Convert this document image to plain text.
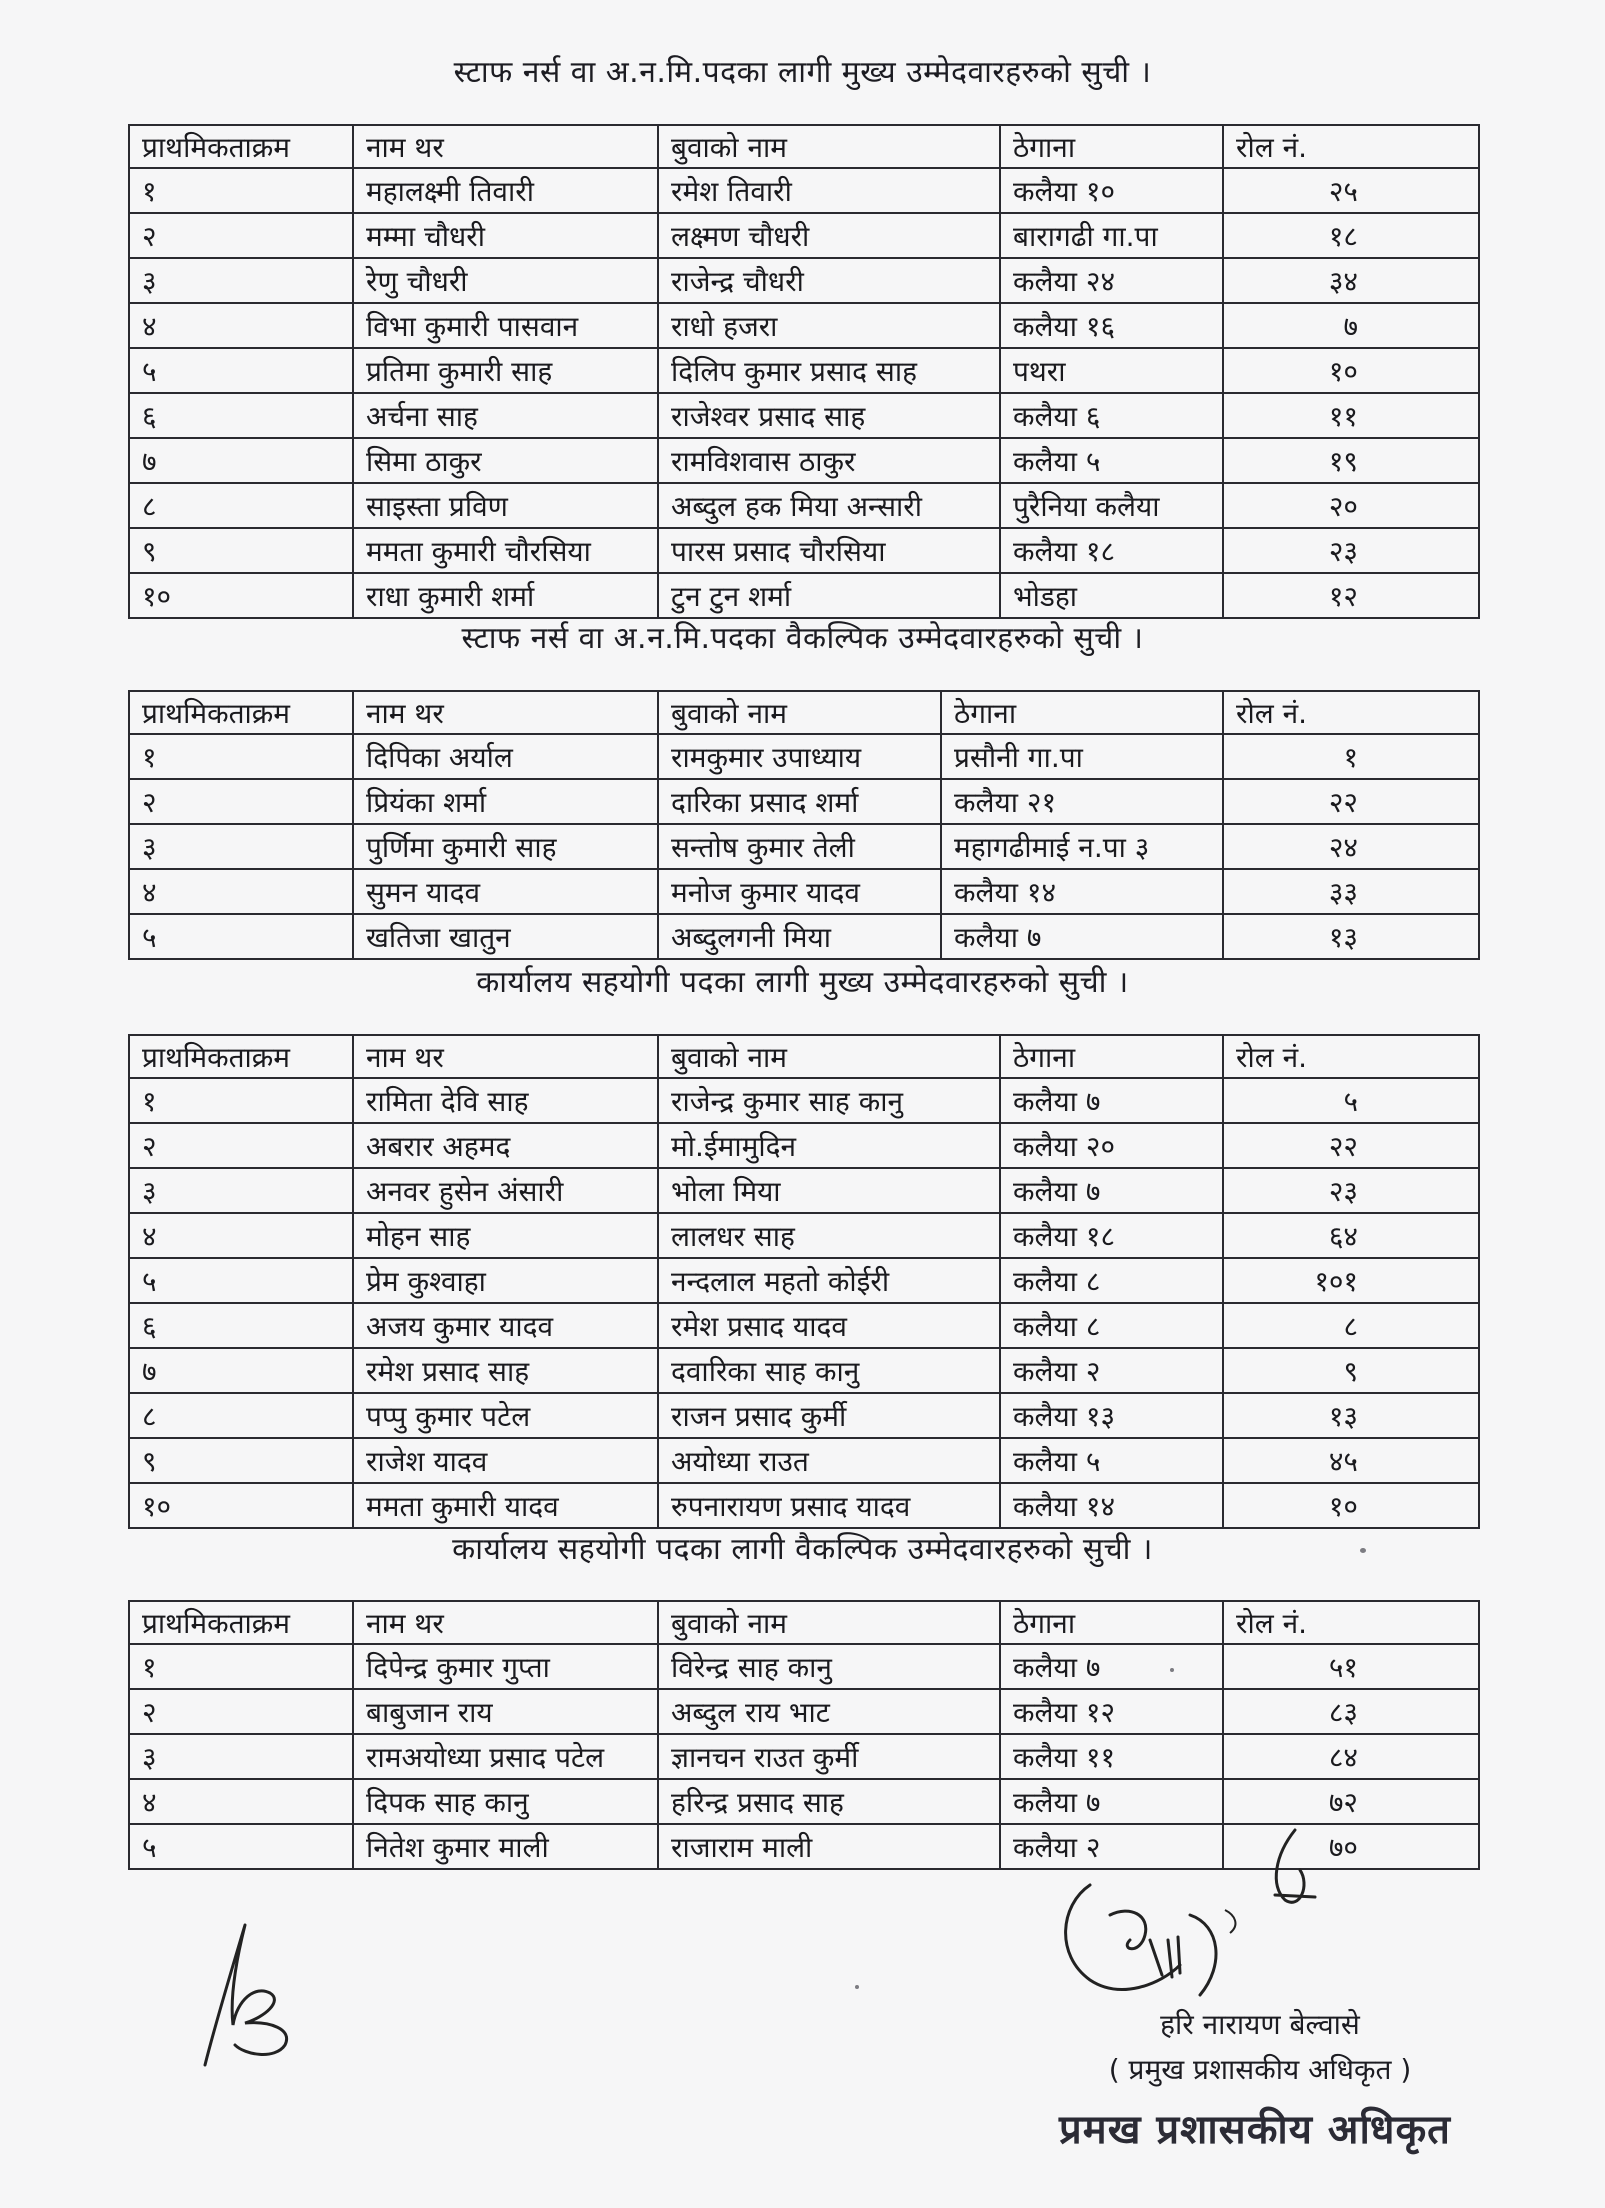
स्टाफ नर्स वा अ.न.मि.पदका लागी मुख्य उम्मेदवारहरुको सुची ।
प्राथमिकताक्रम	नाम थर	बुवाको नाम	ठेगाना	रोल नं.
१	महालक्ष्मी तिवारी	रमेश तिवारी	कलैया १०	२५
२	मम्मा चौधरी	लक्ष्मण चौधरी	बारागढी गा.पा	१८
३	रेणु चौधरी	राजेन्द्र चौधरी	कलैया २४	३४
४	विभा कुमारी पासवान	राधो हजरा	कलैया १६	७
५	प्रतिमा कुमारी साह	दिलिप कुमार प्रसाद साह	पथरा	१०
६	अर्चना साह	राजेश्वर प्रसाद साह	कलैया ६	११
७	सिमा ठाकुर	रामविशवास ठाकुर	कलैया ५	१९
८	साइस्ता प्रविण	अब्दुल हक मिया अन्सारी	पुरैनिया कलैया	२०
९	ममता कुमारी चौरसिया	पारस प्रसाद चौरसिया	कलैया १८	२३
१०	राधा कुमारी शर्मा	टुन टुन शर्मा	भोडहा	१२
स्टाफ नर्स वा अ.न.मि.पदका वैकल्पिक उम्मेदवारहरुको सुची ।
प्राथमिकताक्रम	नाम थर	बुवाको नाम	ठेगाना	रोल नं.
१	दिपिका अर्याल	रामकुमार उपाध्याय	प्रसौनी गा.पा	१
२	प्रियंका शर्मा	दारिका प्रसाद शर्मा	कलैया २१	२२
३	पुर्णिमा कुमारी साह	सन्तोष कुमार तेली	महागढीमाई न.पा ३	२४
४	सुमन यादव	मनोज कुमार यादव	कलैया १४	३३
५	खतिजा खातुन	अब्दुलगनी मिया	कलैया ७	१३
कार्यालय सहयोगी पदका लागी मुख्य उम्मेदवारहरुको सुची ।
प्राथमिकताक्रम	नाम थर	बुवाको नाम	ठेगाना	रोल नं.
१	रामिता देवि साह	राजेन्द्र कुमार साह कानु	कलैया ७	५
२	अबरार अहमद	मो.ईमामुदिन	कलैया २०	२२
३	अनवर हुसेन अंसारी	भोला मिया	कलैया ७	२३
४	मोहन साह	लालधर साह	कलैया १८	६४
५	प्रेम कुश्वाहा	नन्दलाल महतो कोईरी	कलैया ८	१०१
६	अजय कुमार यादव	रमेश प्रसाद यादव	कलैया ८	८
७	रमेश प्रसाद साह	दवारिका साह कानु	कलैया २	९
८	पप्पु कुमार पटेल	राजन प्रसाद कुर्मी	कलैया १३	१३
९	राजेश यादव	अयोध्या राउत	कलैया ५	४५
१०	ममता कुमारी यादव	रुपनारायण प्रसाद यादव	कलैया १४	१०
कार्यालय सहयोगी पदका लागी वैकल्पिक उम्मेदवारहरुको सुची ।
प्राथमिकताक्रम	नाम थर	बुवाको नाम	ठेगाना	रोल नं.
१	दिपेन्द्र कुमार गुप्ता	विरेन्द्र साह कानु	कलैया ७	५१
२	बाबुजान राय	अब्दुल राय भाट	कलैया १२	८३
३	रामअयोध्या प्रसाद पटेल	ज्ञानचन राउत कुर्मी	कलैया ११	८४
४	दिपक साह कानु	हरिन्द्र प्रसाद साह	कलैया ७	७२
५	नितेश कुमार माली	राजाराम माली	कलैया २	७०
हरि नारायण बेल्वासे
( प्रमुख प्रशासकीय अधिकृत )
प्रमख प्रशासकीय अधिकृत
